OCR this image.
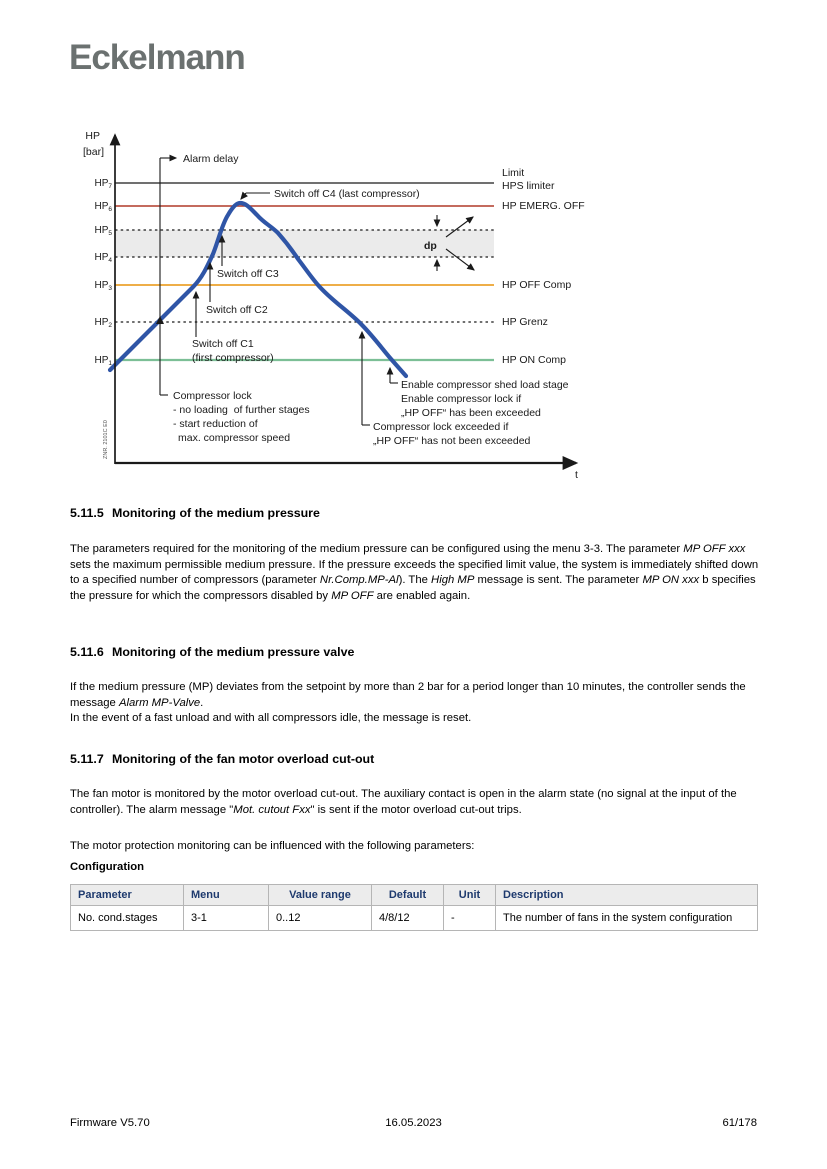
Eckelmann
t
HP
[bar]
$HP_7$
$HP_6$
$HP_5$
$HP_4$
$HP_3$
$HP_2$
$HP_1$
Limit
HPS limiter
HP EMERG. OFF
HP OFF Comp
HP Grenz
HP ON Comp
Alarm delay
Compressor lock
- no loading  of further stages
- start reduction of
max. compressor speed
Switch off C1
(first compressor)
Switch off C2
Switch off C3
Switch off C4 (last compressor)
Enable compressor shed load stage
Enable compressor lock if
„HP OFF“ has been exceeded
Compressor lock exceeded if
„HP OFF“ has not been exceeded
dp
ZNR. 2101C E0
5.11.5 Monitoring of the medium pressure
The parameters required for the monitoring of the medium pressure can be configured using the menu 3-3. The parameter MP OFF xxx sets the maximum permissible medium pressure. If the pressure exceeds the specified limit value, the system is immediately shifted down to a specified number of compressors (parameter Nr.Comp.MP-Al). The High MP message is sent. The parameter MP ON xxx b specifies the pressure for which the compressors disabled by MP OFF are enabled again.
5.11.6 Monitoring of the medium pressure valve
If the medium pressure (MP) deviates from the setpoint by more than 2 bar for a period longer than 10 minutes, the controller sends the message Alarm MP-Valve.
In the event of a fast unload and with all compressors idle, the message is reset.
5.11.7 Monitoring of the fan motor overload cut-out
The fan motor is monitored by the motor overload cut-out. The auxiliary contact is open in the alarm state (no signal at the input of the controller). The alarm message "Mot. cutout Fxx" is sent if the motor overload cut-out trips.
The motor protection monitoring can be influenced with the following parameters:
Configuration
Parameter	Menu	Value range	Default	Unit	Description
No. cond.stages	3-1	0..12	4/8/12	-	The number of fans in the system configuration
16.05.2023
Firmware V5.70	61/178
